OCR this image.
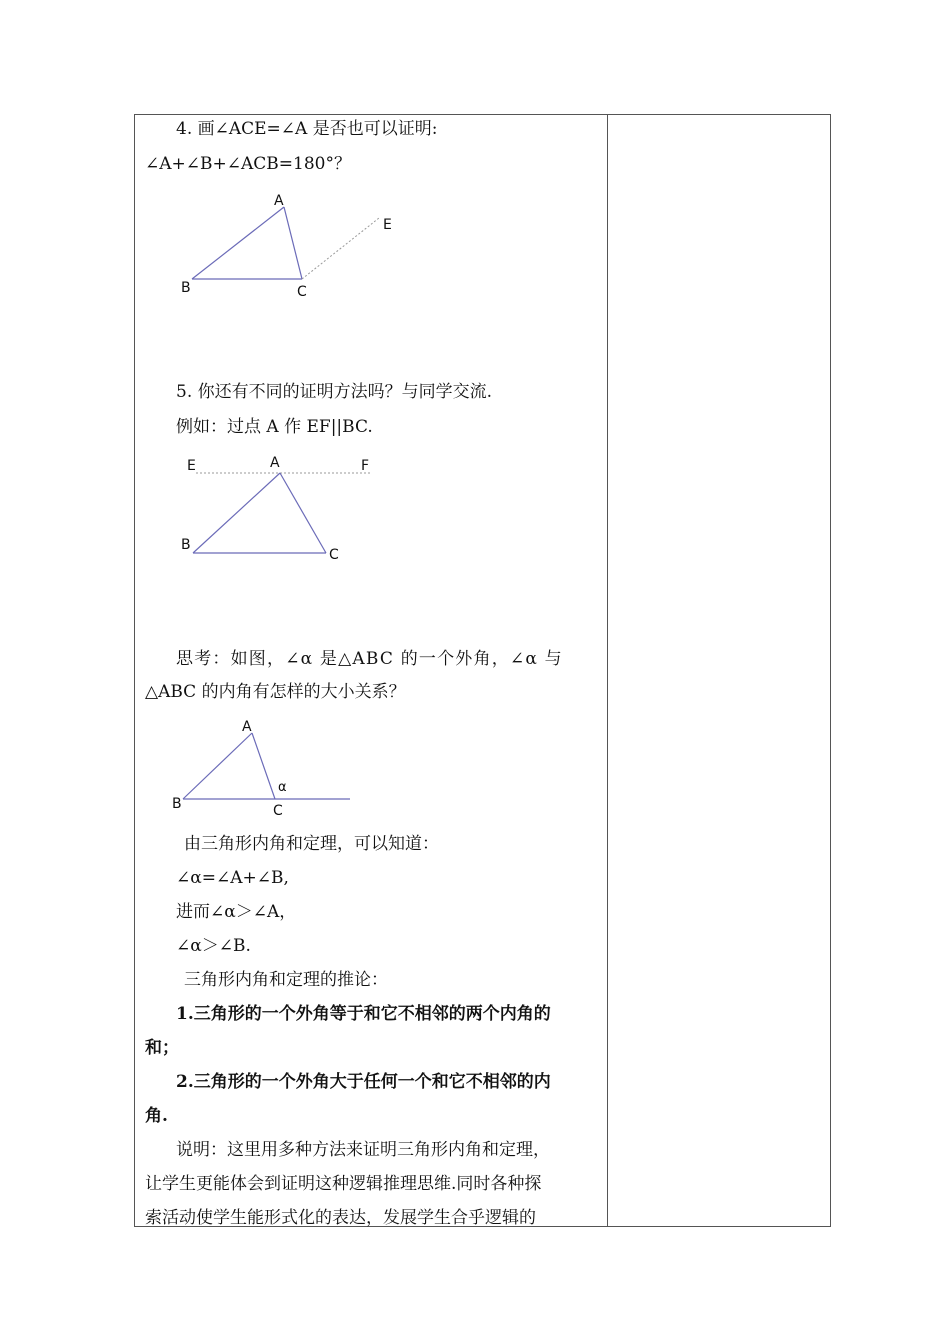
4. 画∠ACE=∠A 是否也可以证明:
∠A+∠B+∠ACB=180°？
A
B	C
E
5. 你还有不同的证明方法吗？与同学交流.
例如：过点 A 作 EF||BC.
E	A	F
B
C
思考：如图，∠α 是△ABC 的一个外角，∠α 与
△ABC 的内角有怎样的大小关系？
A
B	C
α
由三角形内角和定理，可以知道：
∠α=∠A+∠B,
进而∠α＞∠A，
∠α＞∠B.
三角形内角和定理的推论：
1.三角形的一个外角等于和它不相邻的两个内角的
和；
2.三角形的一个外角大于任何一个和它不相邻的内
角.
说明：这里用多种方法来证明三角形内角和定理，
让学生更能体会到证明这种逻辑推理思维.同时各种探
索活动使学生能形式化的表达，发展学生合乎逻辑的
